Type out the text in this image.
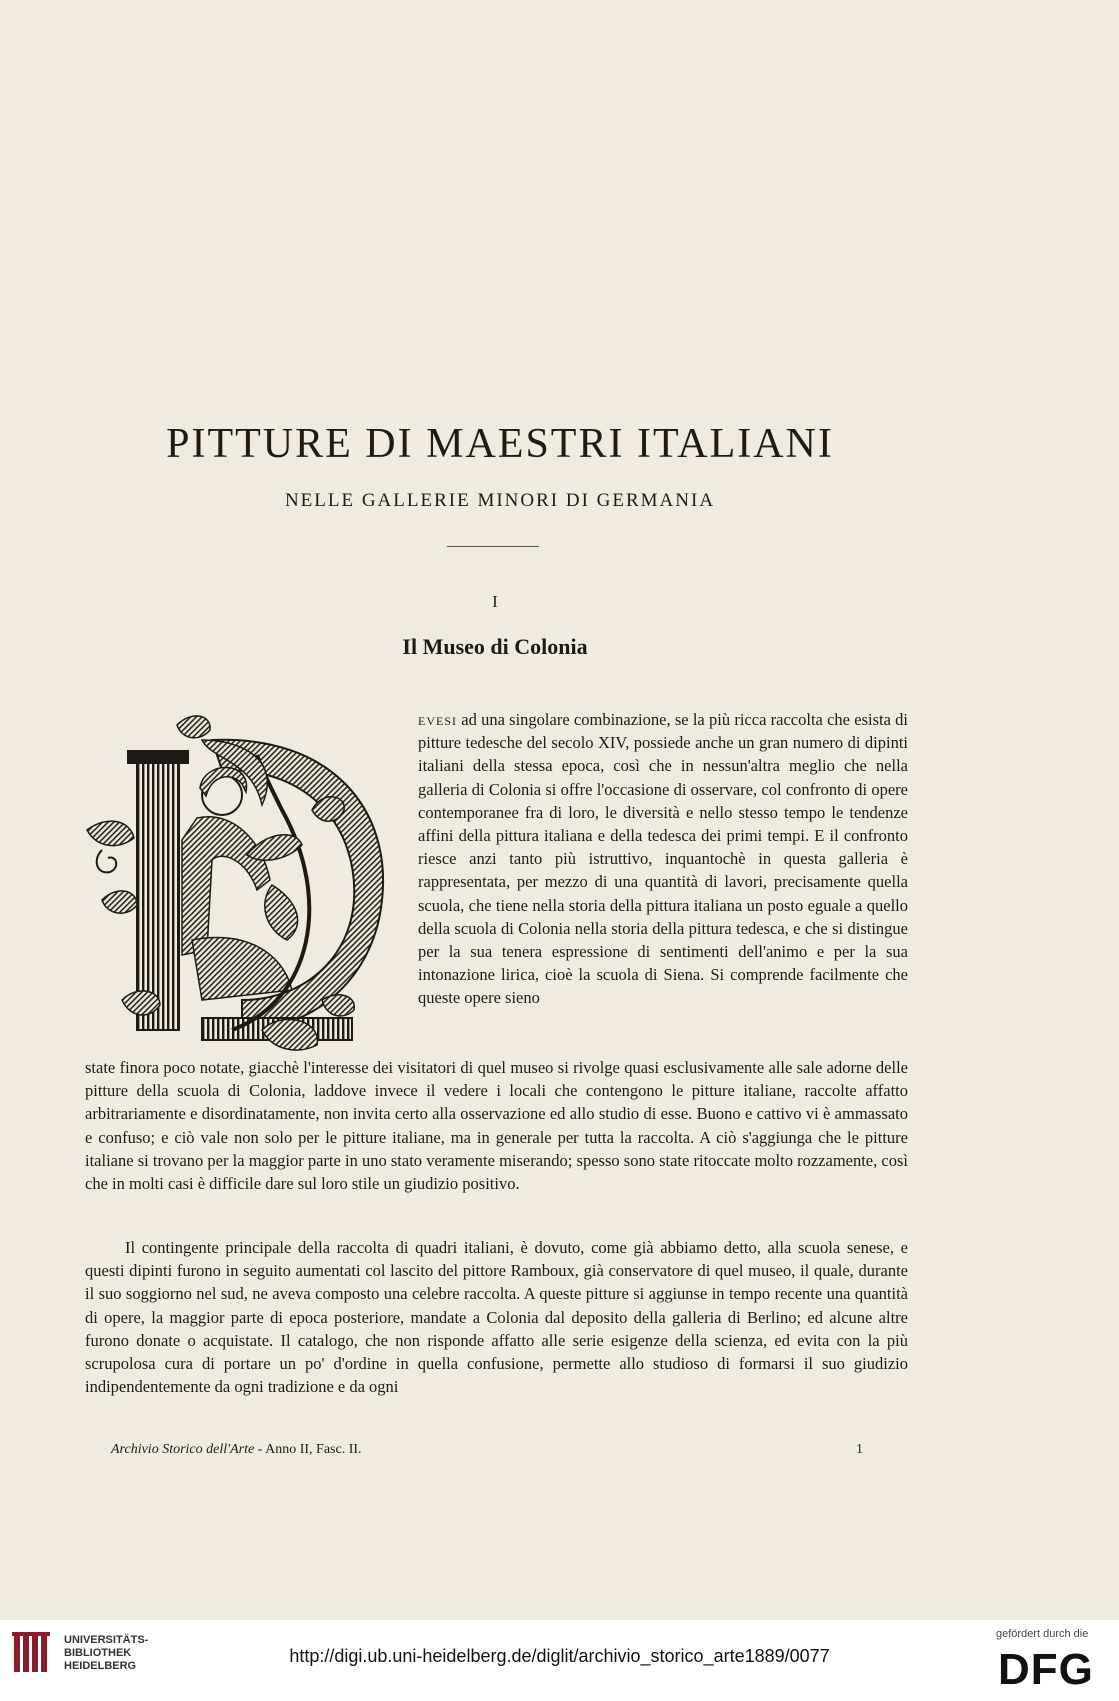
PITTURE DI MAESTRI ITALIANI
NELLE GALLERIE MINORI DI GERMANIA
I
Il Museo di Colonia
evesi ad una singolare combinazione, se la più ricca raccolta che esista di pitture tedesche del secolo XIV, possiede anche un gran numero di dipinti italiani della stessa epoca, così che in nessun'altra meglio che nella galleria di Colonia si offre l'occasione di osservare, col confronto di opere contemporanee fra di loro, le diversità e nello stesso tempo le tendenze affini della pittura italiana e della tedesca dei primi tempi. E il confronto riesce anzi tanto più istruttivo, inquantochè in questa galleria è rappresentata, per mezzo di una quantità di lavori, precisamente quella scuola, che tiene nella storia della pittura italiana un posto eguale a quello della scuola di Colonia nella storia della pittura tedesca, e che si distingue per la sua tenera espressione di sentimenti dell'animo e per la sua intonazione lirica, cioè la scuola di Siena. Si comprende facilmente che queste opere sieno
state finora poco notate, giacchè l'interesse dei visitatori di quel museo si rivolge quasi esclusivamente alle sale adorne delle pitture della scuola di Colonia, laddove invece il vedere i locali che contengono le pitture italiane, raccolte affatto arbitrariamente e disordinatamente, non invita certo alla osservazione ed allo studio di esse. Buono e cattivo vi è ammassato e confuso; e ciò vale non solo per le pitture italiane, ma in generale per tutta la raccolta. A ciò s'aggiunga che le pitture italiane si trovano per la maggior parte in uno stato veramente miserando; spesso sono state ritoccate molto rozzamente, così che in molti casi è difficile dare sul loro stile un giudizio positivo.
Il contingente principale della raccolta di quadri italiani, è dovuto, come già abbiamo detto, alla scuola senese, e questi dipinti furono in seguito aumentati col lascito del pittore Ramboux, già conservatore di quel museo, il quale, durante il suo soggiorno nel sud, ne aveva composto una celebre raccolta. A queste pitture si aggiunse in tempo recente una quantità di opere, la maggior parte di epoca posteriore, mandate a Colonia dal deposito della galleria di Berlino; ed alcune altre furono donate o acquistate. Il catalogo, che non risponde affatto alle serie esigenze della scienza, ed evita con la più scrupolosa cura di portare un po' d'ordine in quella confusione, permette allo studioso di formarsi il suo giudizio indipendentemente da ogni tradizione e da ogni
Archivio Storico dell'Arte - Anno II, Fasc. II.	1
UNIVERSITÄTS-
BIBLIOTHEK
HEIDELBERG	http://digi.ub.uni-heidelberg.de/diglit/archivio_storico_arte1889/0077
gefördert durch die
DFG
